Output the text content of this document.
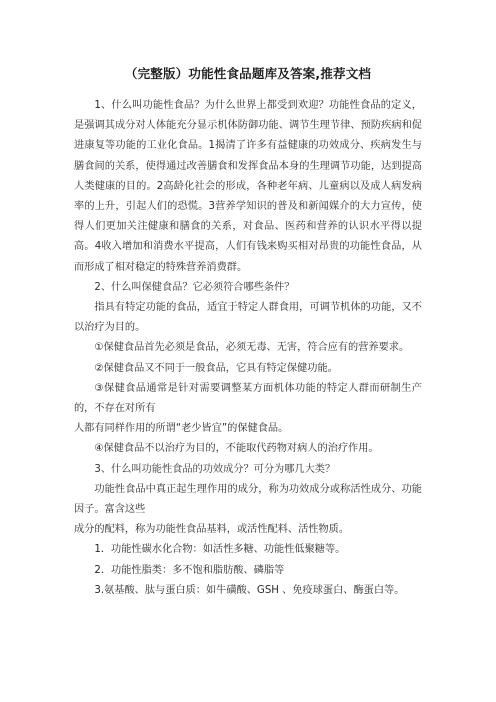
（完整版）功能性食品题库及答案,推荐文档

1、什么叫功能性食品？为什么世界上都受到欢迎？功能性食品的定义，是强调其成分对人体能充分显示机体防御功能、调节生理节律、预防疾病和促进康复等功能的工业化食品。1揭清了许多有益健康的功效成分、疾病发生与膳食间的关系，使得通过改善膳食和发挥食品本身的生理调节功能，达到提高人类健康的目的。2高龄化社会的形成，各种老年病、儿童病以及成人病发病率的上升，引起人们的恐慌。3营养学知识的普及和新闻媒介的大力宣传，使得人们更加关注健康和膳食的关系，对食品、医药和营养的认识水平得以提高。4收入增加和消费水平提高，人们有钱来购买相对昂贵的功能性食品，从而形成了相对稳定的特殊营养消费群。

2、什么叫保健食品？它必须符合哪些条件？

指具有特定功能的食品，适宜于特定人群食用，可调节机体的功能，又不以治疗为目的。

①保健食品首先必须是食品，必须无毒、无害，符合应有的营养要求。

②保健食品又不同于一般食品，它具有特定保健功能。

③保健食品通常是针对需要调整某方面机体功能的特定人群而研制生产的，不存在对所有

人都有同样作用的所谓“老少皆宜”的保健食品。

④保健食品不以治疗为目的，不能取代药物对病人的治疗作用。

3、什么叫功能性食品的功效成分？可分为哪几大类？

功能性食品中真正起生理作用的成分，称为功效成分或称活性成分、功能因子。富含这些

成分的配料，称为功能性食品基料，或活性配料、活性物质。

1．功能性碳水化合物：如活性多糖、功能性低聚糖等。

2．功能性脂类：多不饱和脂肪酸、磷脂等

3.氨基酸、肽与蛋白质：如牛磺酸、GSH 、免疫球蛋白、酶蛋白等。
